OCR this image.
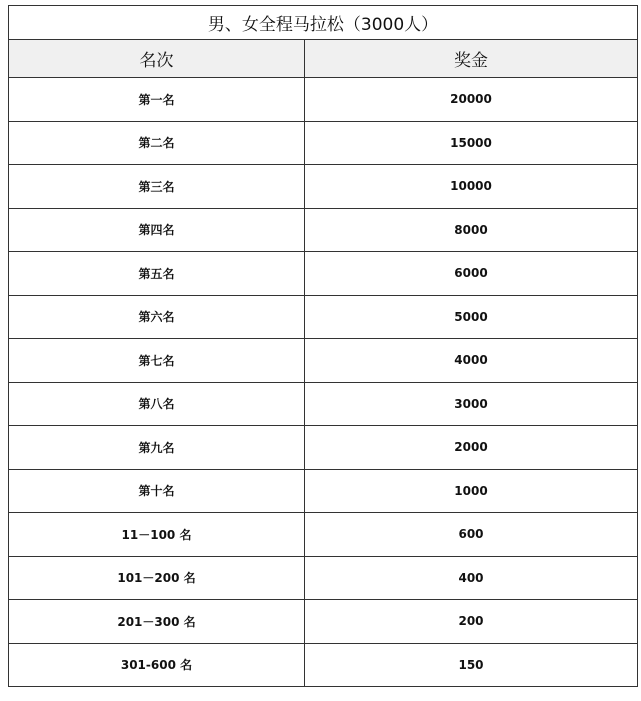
男、女全程马拉松（3000人）	
名次	奖金
第一名	20000
第二名	15000
第三名	10000
第四名	8000
第五名	6000
第六名	5000
第七名	4000
第八名	3000
第九名	2000
第十名	1000
11－100 名	600
101－200 名	400
201－300 名	200
301-600 名	150
